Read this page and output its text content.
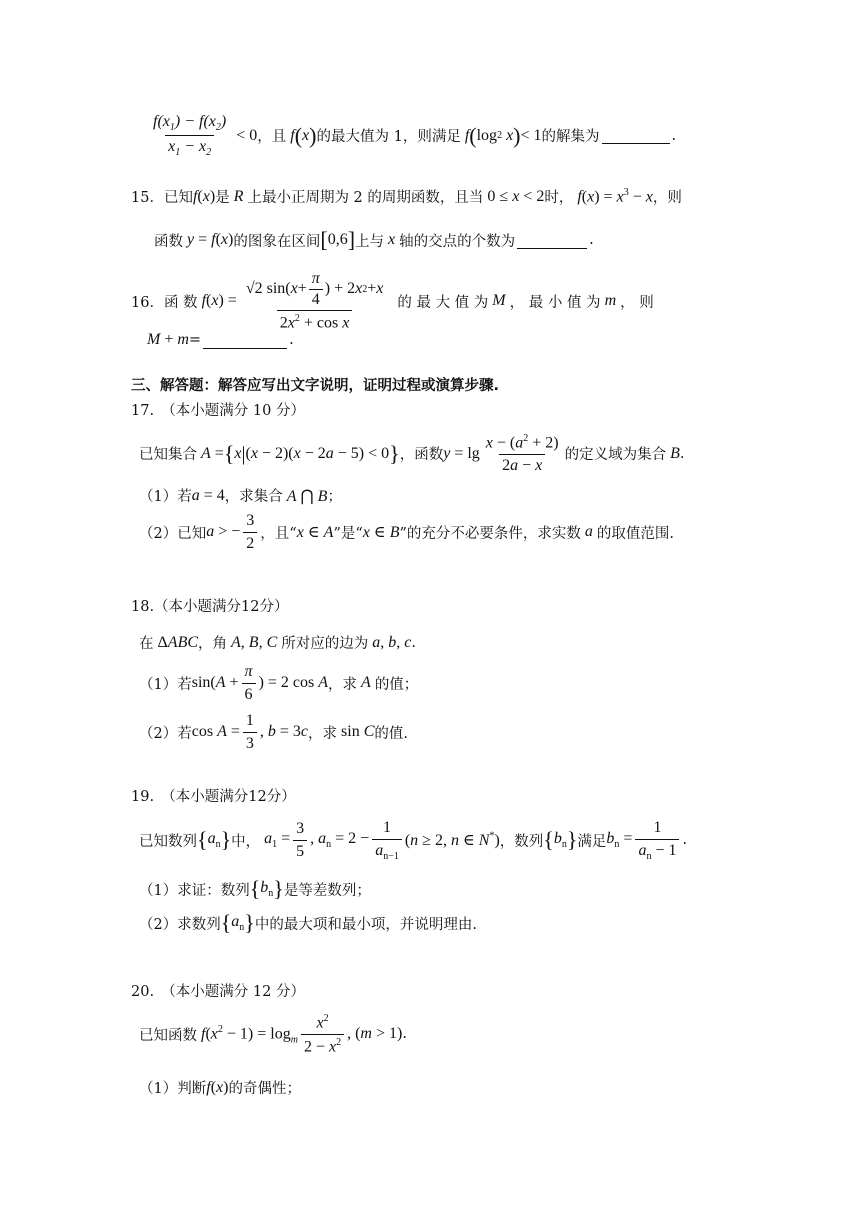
$\frac{f(x_1) - f(x_2)}{x_1 - x_2} < 0$ ，且 f ( x ) 的最大值为 1，则满足 f ( log 2 x ) < 1 的解集为	.
15．已知 f ( x ) 是 R 上最小正周期为 2 的周期函数，且当 0 ≤ x < 2 时， f $(x) = x^3 - x$ ，则
函数 y = f(x) 的图象在区间 [ 0,6 ] 上与 x 轴的交点的个数为	.
16．函 数 $f(x) = \frac{√2 \sin( x + \frac{\pi}{4} ) + 2 x 2 + x}{2x^2 + \cos x}$ 的 最 大 值 为 M ， 最 小 值 为 m ， 则
M + m =	.
三、解答题：解答应写出文字说明，证明过程或演算步骤.
17.　（本小题满分 10 分）
已知集合 A = { x | (x − 2)(x − 2a − 5) < 0 } ，函数 $y = \lg \frac{x - (a^2 + 2)}{2a - x}$ 的定义域为集合 B .
（1）若 a = 4 ，求集合 A ⋂ B ；
（2）已知 a > − $\frac{3}{2}$ ，且“ x ∈ A ”是“ x ∈ B ”的充分不必要条件，求实数 a 的取值范围.
18.（本小题满分12分）
在 ΔABC ，角 A, B, C 所对应的边为 a, b, c .
（1）若 $\sin(A + \frac{\pi}{6}$ ) = 2 cos A ，求 A 的值；
（2）若 $\cos A = \frac{1}{3}$ , b = 3c ，求 sin C 的值.
19.　（本小题满分12分）
已知数列 { $a_n$ } 中， $a_1 = \frac{3}{5}$ , $a_n = 2 - \frac{1}{a_{n-1}} (n \ge 2$, n ∈ N*) ，数列 { $b_n$ } 满足 $b_n = \frac{1}{a_n - 1}$ .
（1）求证：数列 { $b_n$ } 是等差数列；
（2）求数列 { $a_n$ } 中的最大项和最小项，并说明理由.
20.　（本小题满分 12 分）
已知函数 $f(x^2 - 1) = \log_m \frac{x^2}{2 - x^2}$ , (m > 1) .
（1）判断 f(x) 的奇偶性；
